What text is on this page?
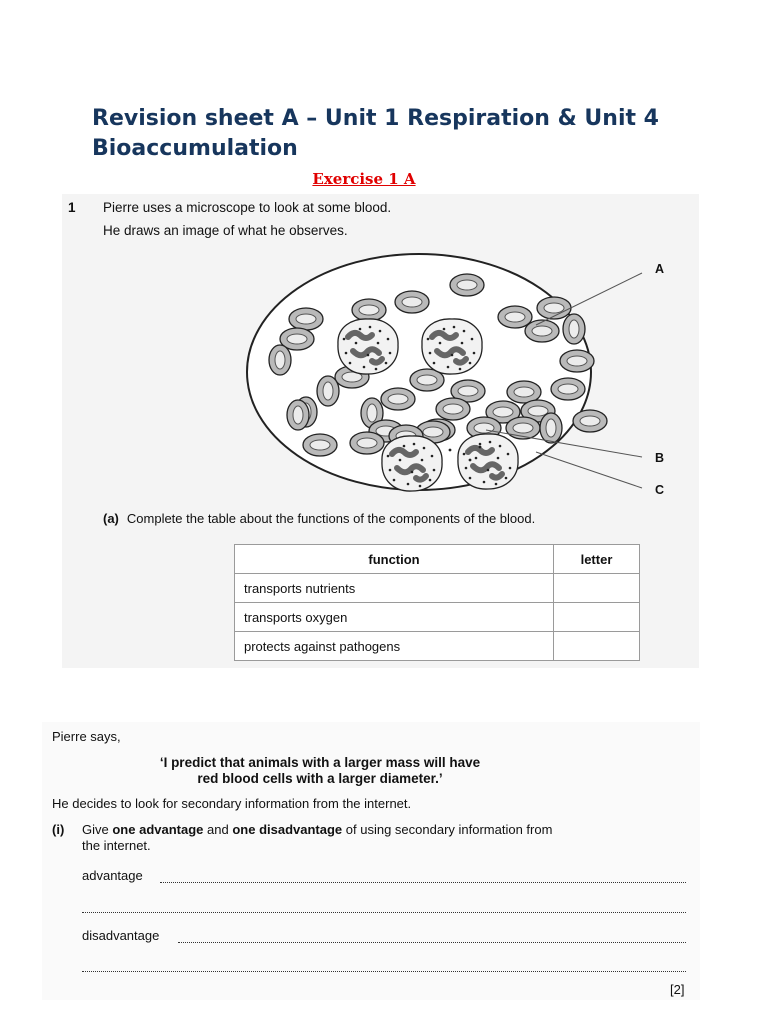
Revision sheet A – Unit 1 Respiration & Unit 4 Bioaccumulation
Exercise 1 A
1 Pierre uses a microscope to look at some blood.
He draws an image of what he observes.
A
B
C
(a) Complete the table about the functions of the components of the blood.
function	letter
transports nutrients	
transports oxygen	
protects against pathogens	
Pierre says,
‘I predict that animals with a larger mass will have
red blood cells with a larger diameter.’
He decides to look for secondary information from the internet.
(i) Give one advantage and one disadvantage of using secondary information from
the internet.
advantage
disadvantage
[2]
